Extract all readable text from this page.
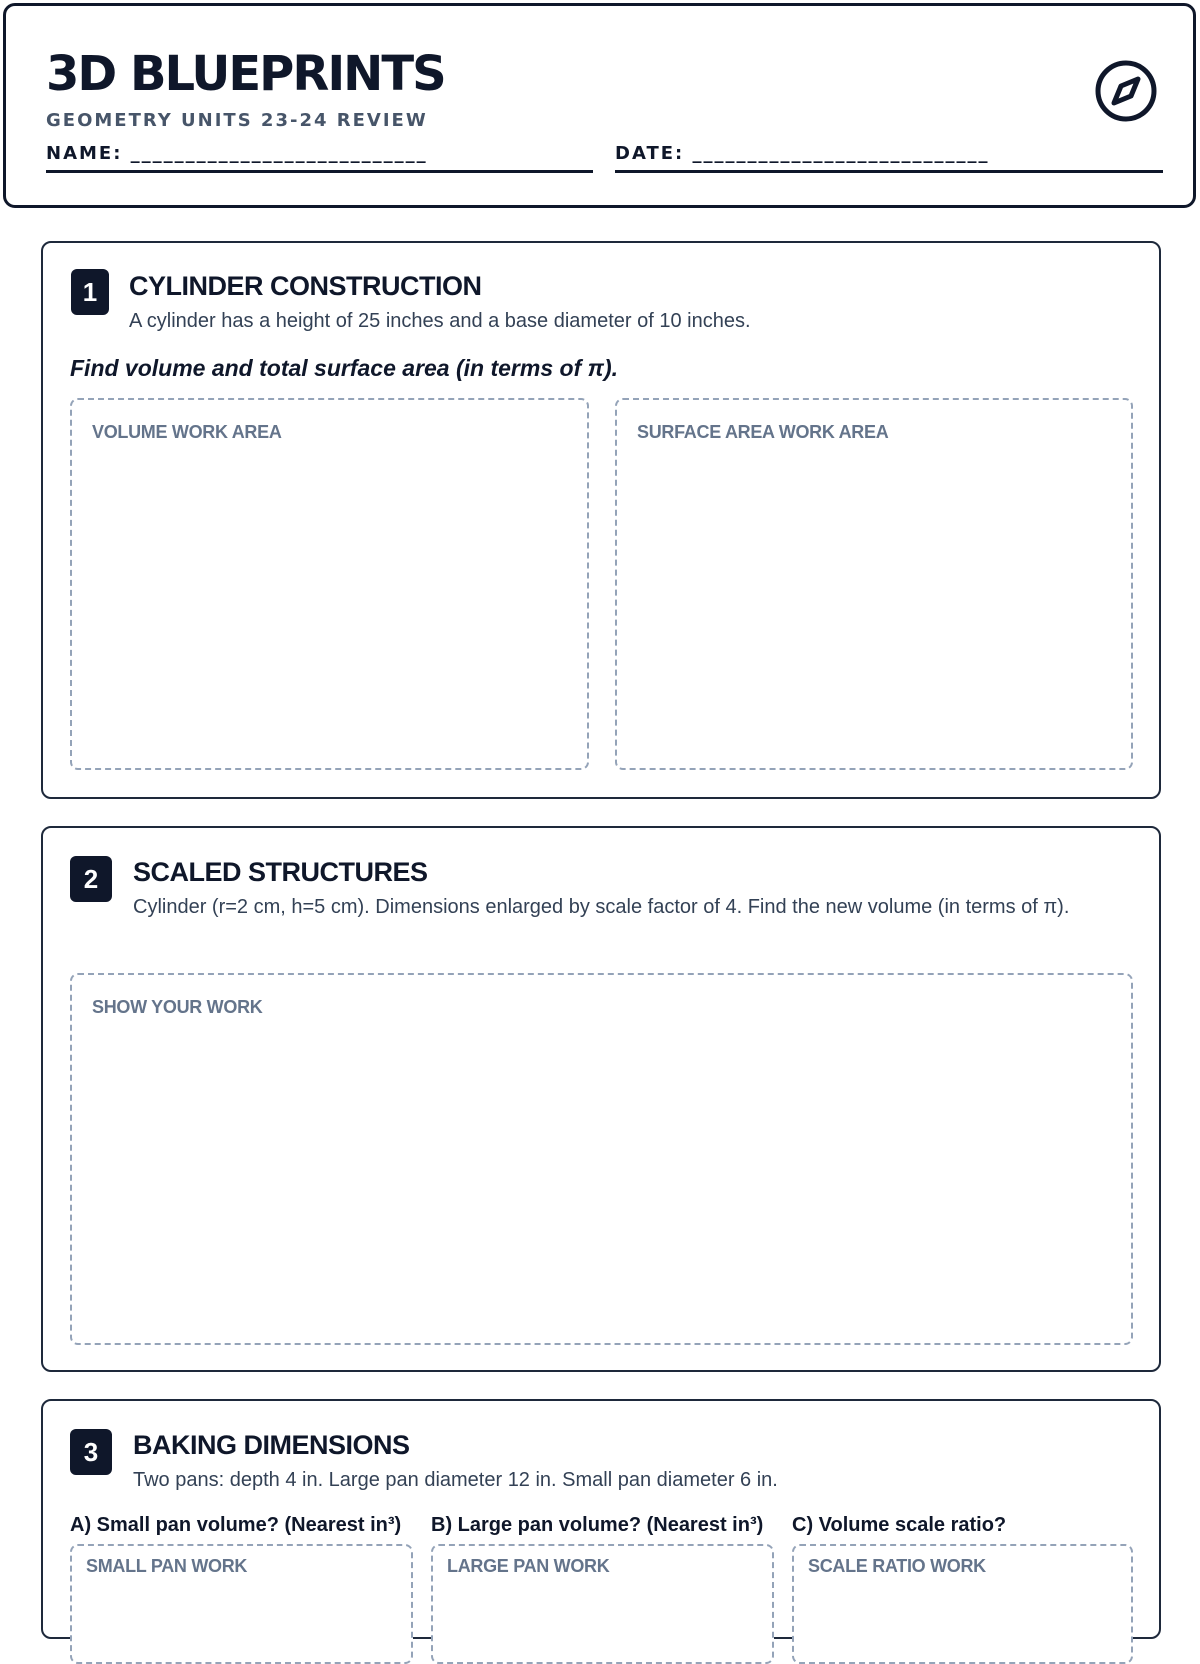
3D BLUEPRINTS
GEOMETRY UNITS 23-24 REVIEW
NAME: ___________________________	DATE: ___________________________
1	CYLINDER CONSTRUCTION
A cylinder has a height of 25 inches and a base diameter of 10 inches.
Find volume and total surface area (in terms of π).
VOLUME WORK AREA	SURFACE AREA WORK AREA
2	SCALED STRUCTURES
Cylinder (r=2 cm, h=5 cm). Dimensions enlarged by scale factor of 4. Find the new volume (in terms of π).
SHOW YOUR WORK
3	BAKING DIMENSIONS
Two pans: depth 4 in. Large pan diameter 12 in. Small pan diameter 6 in.
A) Small pan volume? (Nearest in³) B) Large pan volume? (Nearest in³) C) Volume scale ratio?
SMALL PAN WORK	LARGE PAN WORK	SCALE RATIO WORK
